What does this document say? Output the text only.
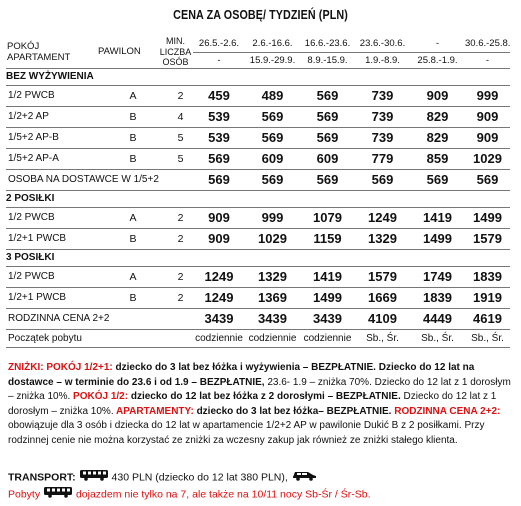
CENA ZA OSOBĘ/ TYDZIEŃ (PLN)
POKÓJ APARTAMENT	PAWILON	MIN. LICZBA OSÓB	26.5.-2.6.	2.6.-16.6.	16.6.-23.6.	23.6.-30.6.	-	30.6.-25.8.
			-	15.9.-29.9.	8.9.-15.9.	1.9.-8.9.	25.8.-1.9.	-
BEZ WYŻYWIENIA								
1/2 PWCB	A	2	459	489	569	739	909	999
1/2+2 AP	B	4	539	569	569	739	829	909
1/5+2 AP-B	B	5	539	569	569	739	829	909
1/5+2 AP-A	B	5	569	609	609	779	859	1029
OSOBA NA DOSTAWCE W 1/5+2			569	569	569	569	569	569
2 POSIŁKI								
1/2 PWCB	A	2	909	999	1079	1249	1419	1499
1/2+1 PWCB	B	2	909	1029	1159	1329	1499	1579
3 POSIŁKI								
1/2 PWCB	A	2	1249	1329	1419	1579	1749	1839
1/2+1 PWCB	B	2	1249	1369	1499	1669	1839	1919
RODZINNA CENA 2+2			3439	3439	3439	4109	4449	4619
Początek pobytu			codziennie	codziennie	codziennie	Sb., Śr.	Sb., Śr.	Sb., Śr.
ZNIŻKI: POKÓJ 1/2+1: dziecko do 3 lat bez łóżka i wyżywienia – BEZPŁATNIE. Dziecko do 12 lat na dostawce – w terminie do 23.6 i od 1.9 – BEZPŁATNIE, 23.6- 1.9 – zniżka 70%. Dziecko do 12 lat z 1 dorosłym – zniżka 10%. POKÓJ 1/2: dziecko do 12 lat bez łóżka z 2 dorosłymi – BEZPŁATNIE. Dziecko do 12 lat z 1 dorosłym – zniżka 10%. APARTAMENTY: dziecko do 3 lat bez łóżka– BEZPŁATNIE. RODZINNA CENA 2+2: obowiązuje dla 3 osób i dziecka do 12 lat w apartamencie 1/2+2 AP w pawilonie Dukić B z 2 posiłkami. Przy rodzinnej cenie nie można korzystać ze zniżki za wczesny zakup jak również ze zniżki stałego klienta.
TRANSPORT:	430 PLN (dziecko do 12 lat 380 PLN),
Pobyty	dojazdem nie tylko na 7, ale także na 10/11 nocy Sb-Śr / Śr-Sb.
